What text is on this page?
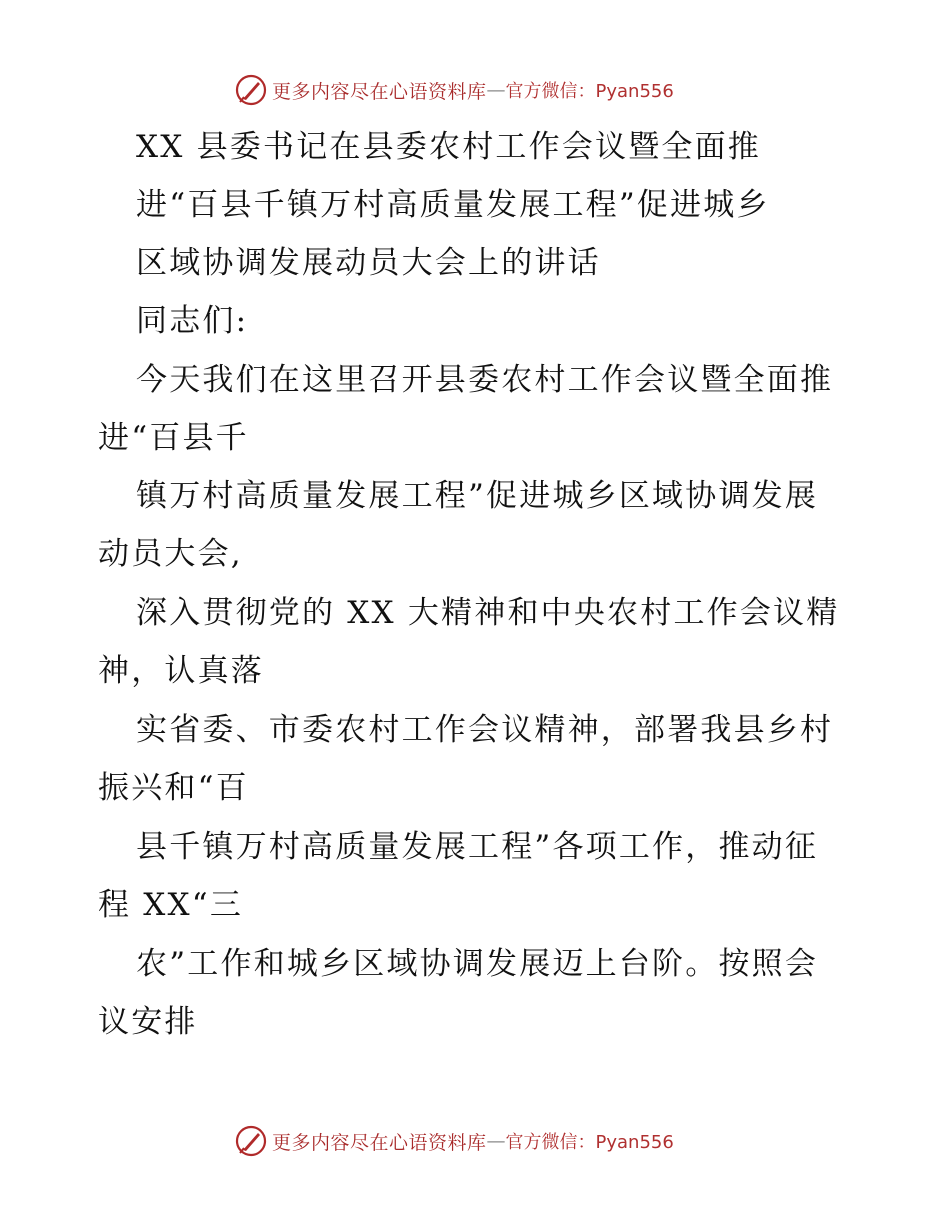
更多内容尽在心语资料库 — 官方微信：Pyan556
XX 县委书记在县委农村工作会议暨全面推
进“百县千镇万村高质量发展工程”促进城乡
区域协调发展动员大会上的讲话
同志们:
今天我们在这里召开县委农村工作会议暨全面推
进“百县千
镇万村高质量发展工程”促进城乡区域协调发展
动员大会,
深入贯彻党的 XX 大精神和中央农村工作会议精
神，认真落
实省委、市委农村工作会议精神，部署我县乡村
振兴和“百
县千镇万村高质量发展工程”各项工作，推动征
程 XX“三
农”工作和城乡区域协调发展迈上台阶。按照会
议安排
更多内容尽在心语资料库 — 官方微信：Pyan556
